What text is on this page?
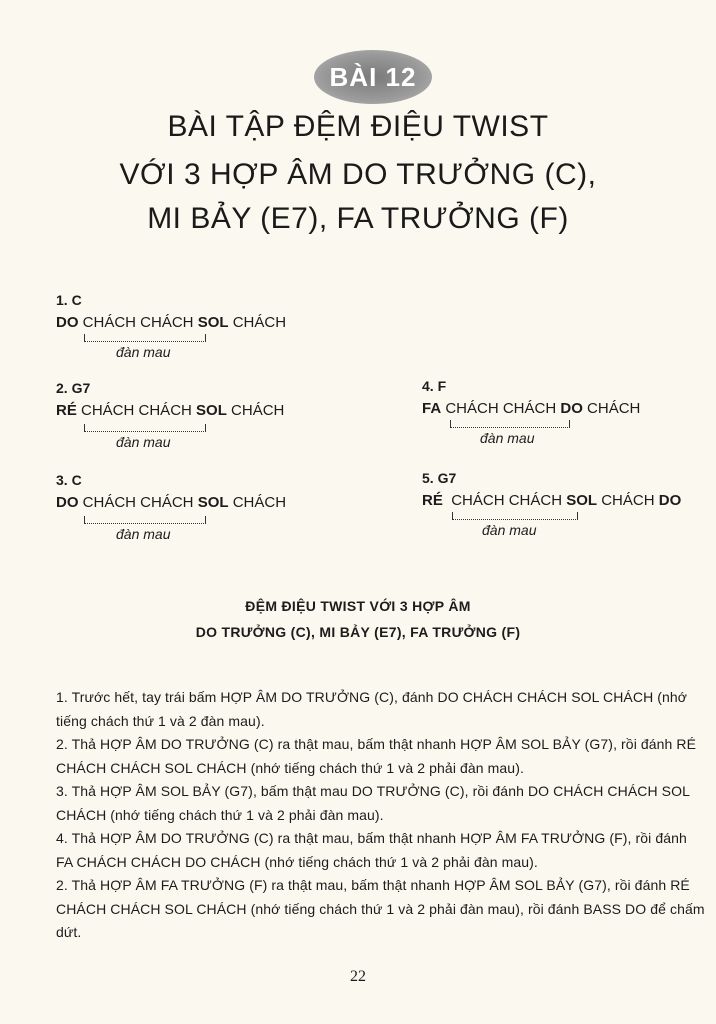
BÀI 12
BÀI TẬP ĐỆM ĐIỆU TWIST
VỚI 3 HỢP ÂM DO TRƯỞNG (C),
MI BẢY (E7), FA TRƯỞNG (F)
1. C
DO CHÁCH CHÁCH SOL CHÁCH
đàn mau
2. G7
RÉ CHÁCH CHÁCH SOL CHÁCH
đàn mau
3. C
DO CHÁCH CHÁCH SOL CHÁCH
đàn mau
4. F
FA CHÁCH CHÁCH DO CHÁCH
đàn mau
5. G7
RÉ CHÁCH CHÁCH SOL CHÁCH DO
đàn mau
ĐỆM ĐIỆU TWIST VỚI 3 HỢP ÂM
DO TRƯỞNG (C), MI BẢY (E7), FA TRƯỞNG (F)

1. Trước hết, tay trái bấm HỢP ÂM DO TRƯỞNG (C), đánh DO CHÁCH CHÁCH SOL CHÁCH (nhớ tiếng chách thứ 1 và 2 đàn mau).

2. Thả HỢP ÂM DO TRƯỞNG (C) ra thật mau, bấm thật nhanh HỢP ÂM SOL BẢY (G7), rồi đánh RÉ CHÁCH CHÁCH SOL CHÁCH (nhớ tiếng chách thứ 1 và 2 phải đàn mau).

3. Thả HỢP ÂM SOL BẢY (G7), bấm thật mau DO TRƯỞNG (C), rồi đánh DO CHÁCH CHÁCH SOL CHÁCH (nhớ tiếng chách thứ 1 và 2 phải đàn mau).

4. Thả HỢP ÂM DO TRƯỞNG (C) ra thật mau, bấm thật nhanh HỢP ÂM FA TRƯỞNG (F), rồi đánh FA CHÁCH CHÁCH DO CHÁCH (nhớ tiếng chách thứ 1 và 2 phải đàn mau).

2. Thả HỢP ÂM FA TRƯỞNG (F) ra thật mau, bấm thật nhanh HỢP ÂM SOL BẢY (G7), rồi đánh RÉ CHÁCH CHÁCH SOL CHÁCH (nhớ tiếng chách thứ 1 và 2 phải đàn mau), rồi đánh BASS DO để chấm dứt.

22
